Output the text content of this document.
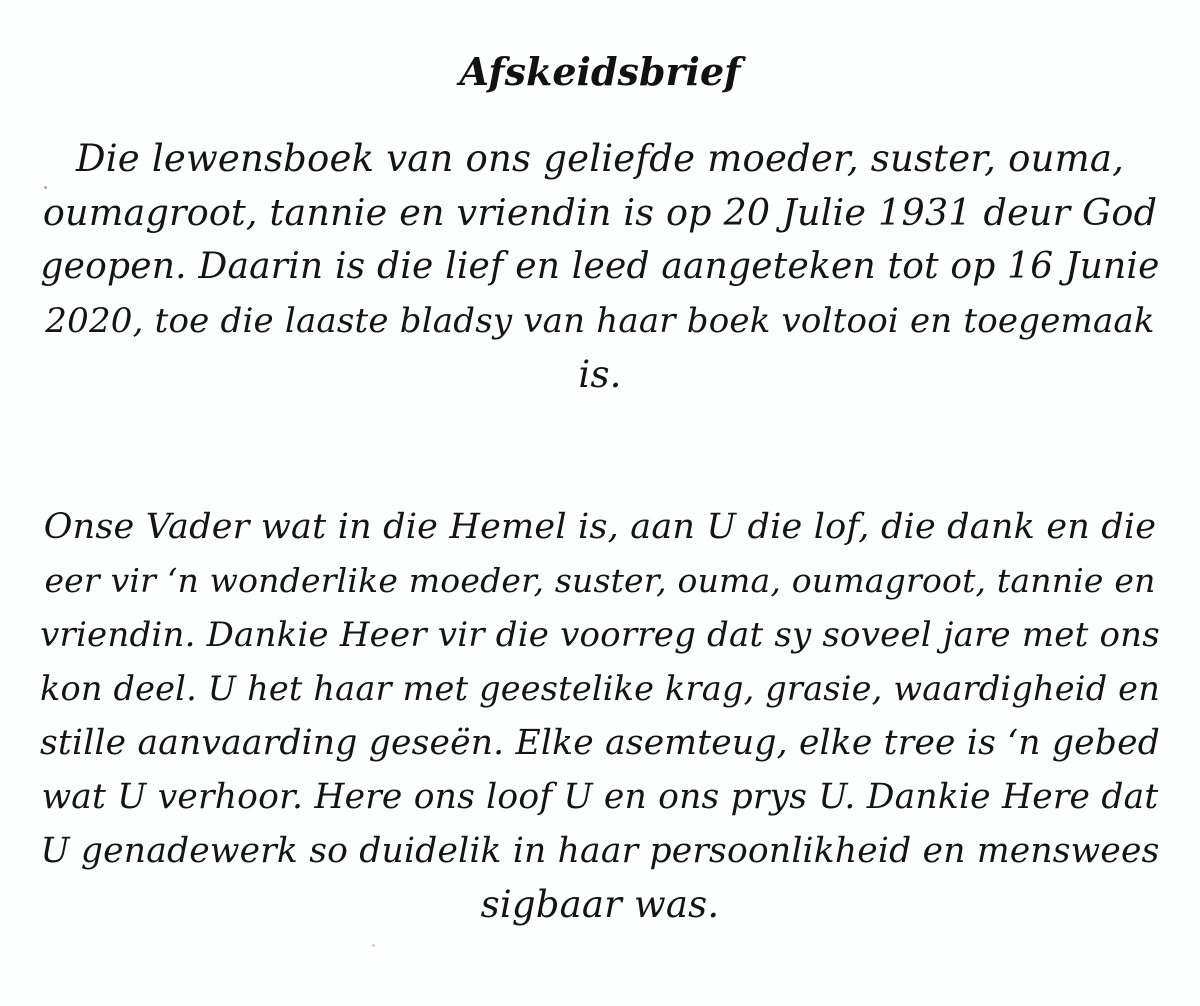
Afskeidsbrief
Die lewensboek van ons geliefde moeder, suster, ouma,
oumagroot, tannie en vriendin is op 20 Julie 1931 deur God
geopen. Daarin is die lief en leed aangeteken tot op 16 Junie
2020, toe die laaste bladsy van haar boek voltooi en toegemaak
is.
Onse Vader wat in die Hemel is, aan U die lof, die dank en die
eer vir ‘n wonderlike moeder, suster, ouma, oumagroot, tannie en
vriendin. Dankie Heer vir die voorreg dat sy soveel jare met ons
kon deel. U het haar met geestelike krag, grasie, waardigheid en
stille aanvaarding geseën. Elke asemteug, elke tree is ‘n gebed
wat U verhoor. Here ons loof U en ons prys U. Dankie Here dat
U genadewerk so duidelik in haar persoonlikheid en menswees
sigbaar was.
